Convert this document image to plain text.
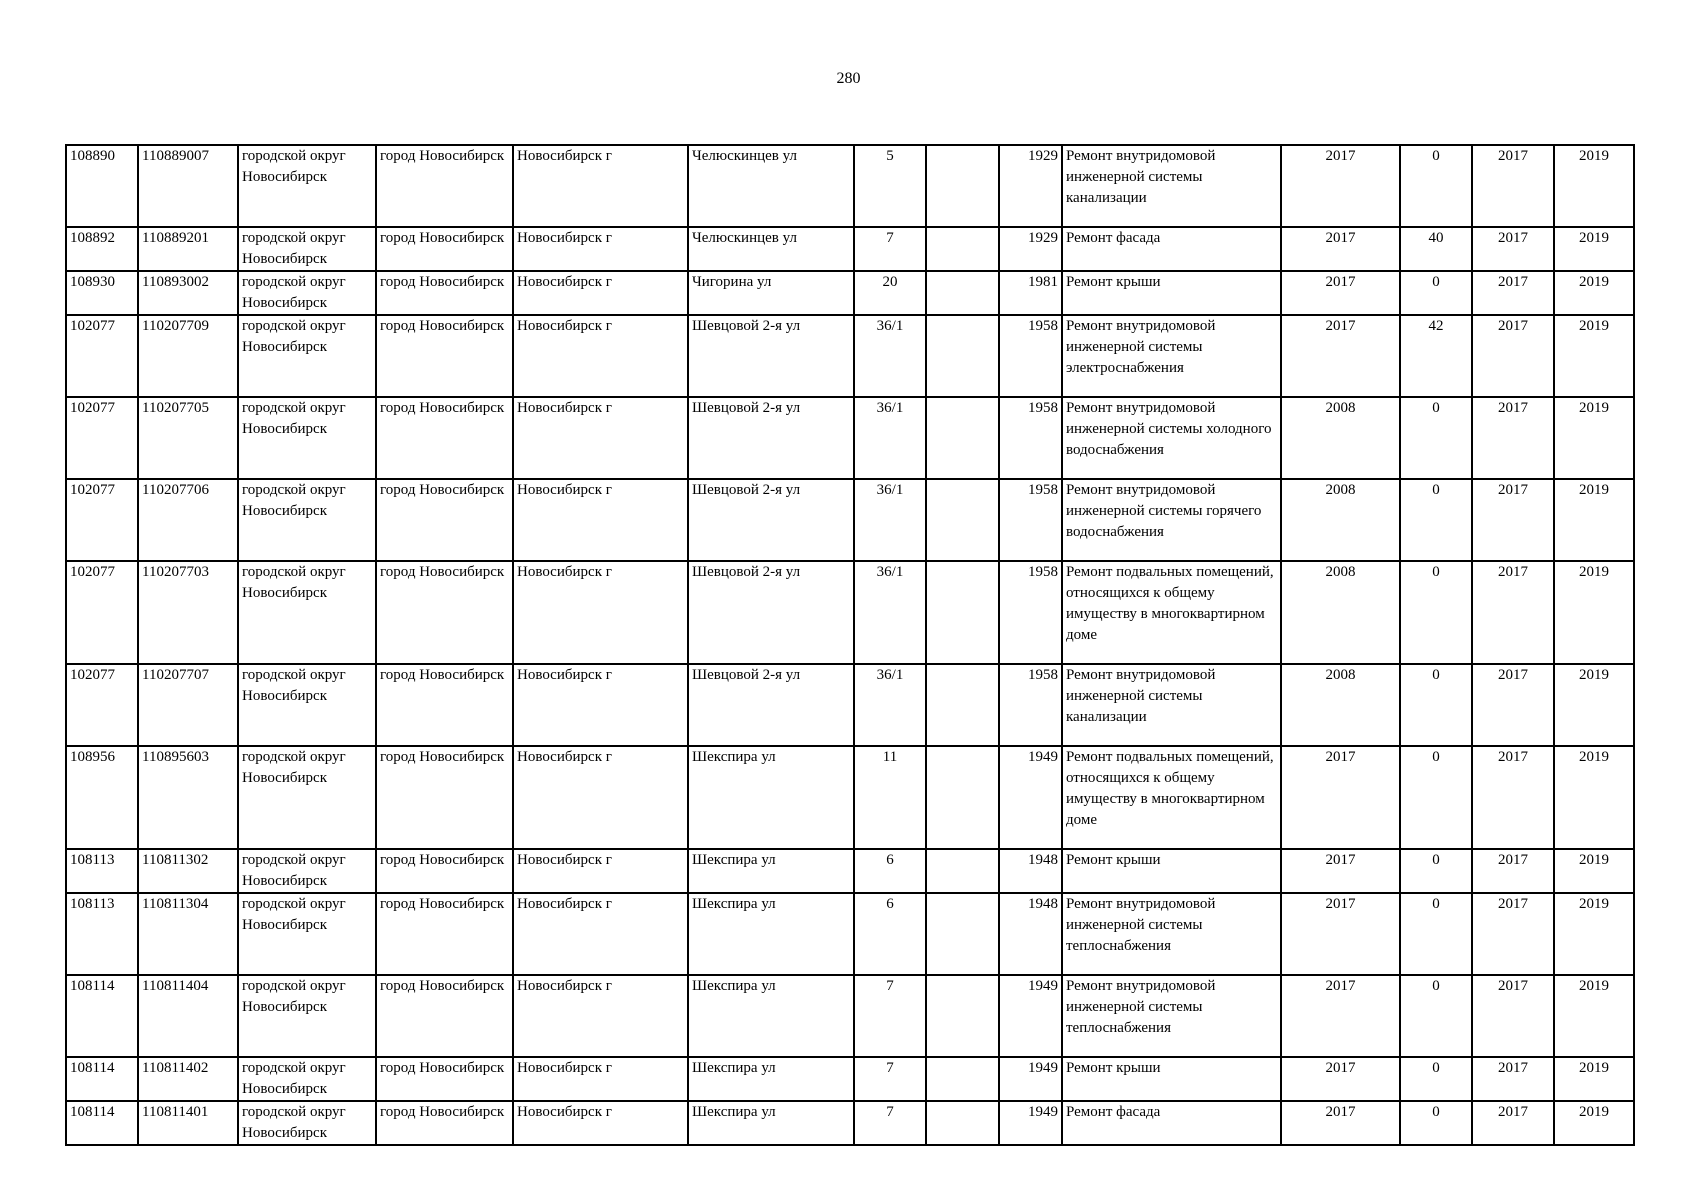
280
108890	110889007	городской округ Новосибирск	город Новосибирск	Новосибирск г	Челюскинцев ул	5		1929	Ремонт внутридомовой инженерной системы канализации	2017	0	2017	2019
108892	110889201	городской округ Новосибирск	город Новосибирск	Новосибирск г	Челюскинцев ул	7		1929	Ремонт фасада	2017	40	2017	2019
108930	110893002	городской округ Новосибирск	город Новосибирск	Новосибирск г	Чигорина ул	20		1981	Ремонт крыши	2017	0	2017	2019
102077	110207709	городской округ Новосибирск	город Новосибирск	Новосибирск г	Шевцовой 2-я ул	36/1		1958	Ремонт внутридомовой инженерной системы электроснабжения	2017	42	2017	2019
102077	110207705	городской округ Новосибирск	город Новосибирск	Новосибирск г	Шевцовой 2-я ул	36/1		1958	Ремонт внутридомовой инженерной системы холодного водоснабжения	2008	0	2017	2019
102077	110207706	городской округ Новосибирск	город Новосибирск	Новосибирск г	Шевцовой 2-я ул	36/1		1958	Ремонт внутридомовой инженерной системы горячего водоснабжения	2008	0	2017	2019
102077	110207703	городской округ Новосибирск	город Новосибирск	Новосибирск г	Шевцовой 2-я ул	36/1		1958	Ремонт подвальных помещений, относящихся к общему имуществу в многоквартирном доме	2008	0	2017	2019
102077	110207707	городской округ Новосибирск	город Новосибирск	Новосибирск г	Шевцовой 2-я ул	36/1		1958	Ремонт внутридомовой инженерной системы канализации	2008	0	2017	2019
108956	110895603	городской округ Новосибирск	город Новосибирск	Новосибирск г	Шекспира ул	11		1949	Ремонт подвальных помещений, относящихся к общему имуществу в многоквартирном доме	2017	0	2017	2019
108113	110811302	городской округ Новосибирск	город Новосибирск	Новосибирск г	Шекспира ул	6		1948	Ремонт крыши	2017	0	2017	2019
108113	110811304	городской округ Новосибирск	город Новосибирск	Новосибирск г	Шекспира ул	6		1948	Ремонт внутридомовой инженерной системы теплоснабжения	2017	0	2017	2019
108114	110811404	городской округ Новосибирск	город Новосибирск	Новосибирск г	Шекспира ул	7		1949	Ремонт внутридомовой инженерной системы теплоснабжения	2017	0	2017	2019
108114	110811402	городской округ Новосибирск	город Новосибирск	Новосибирск г	Шекспира ул	7		1949	Ремонт крыши	2017	0	2017	2019
108114	110811401	городской округ Новосибирск	город Новосибирск	Новосибирск г	Шекспира ул	7		1949	Ремонт фасада	2017	0	2017	2019
